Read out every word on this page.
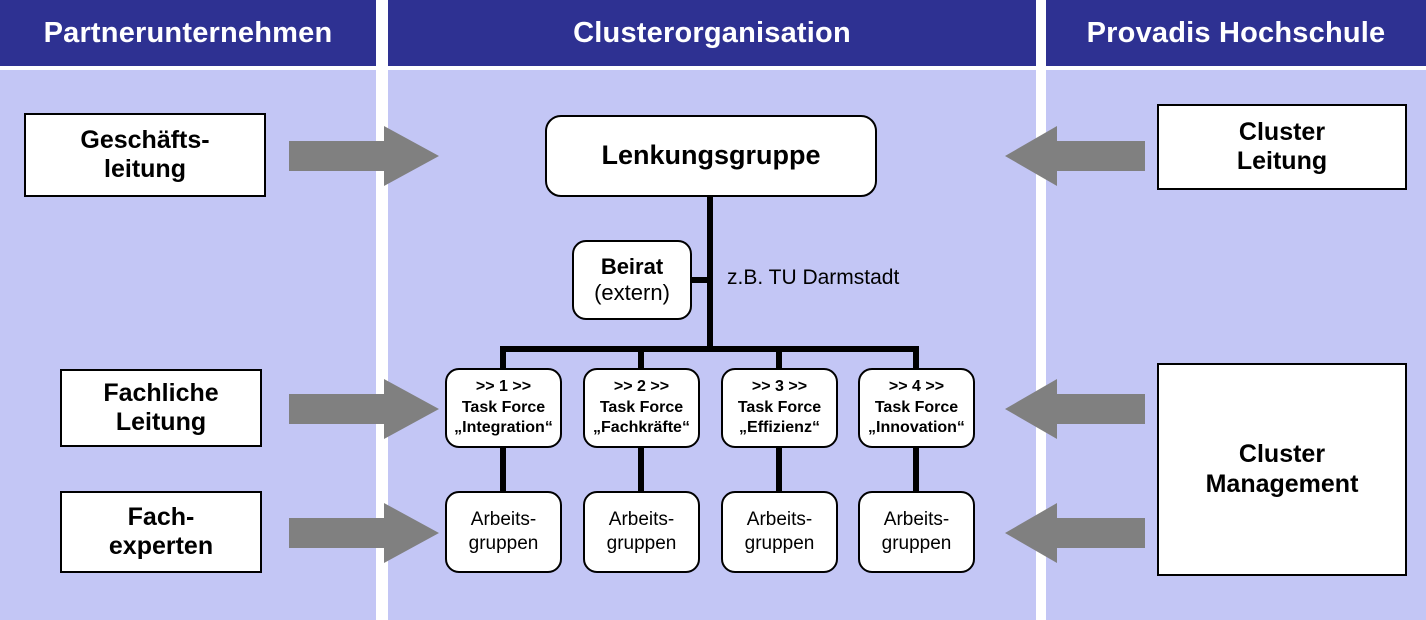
Partnerunternehmen	Clusterorganisation	Provadis Hochschule
Geschäfts-
leitung
Fachliche
Leitung
Fach-
experten
Cluster
Leitung
Cluster
Management
Lenkungsgruppe
Beirat
(extern)
z.B. TU Darmstadt
>> 1 >>
Task Force
„Integration“
>> 2 >>
Task Force
„Fachkräfte“
>> 3 >>
Task Force
„Effizienz“
>> 4 >>
Task Force
„Innovation“
Arbeits-
gruppen
Arbeits-
gruppen
Arbeits-
gruppen
Arbeits-
gruppen
